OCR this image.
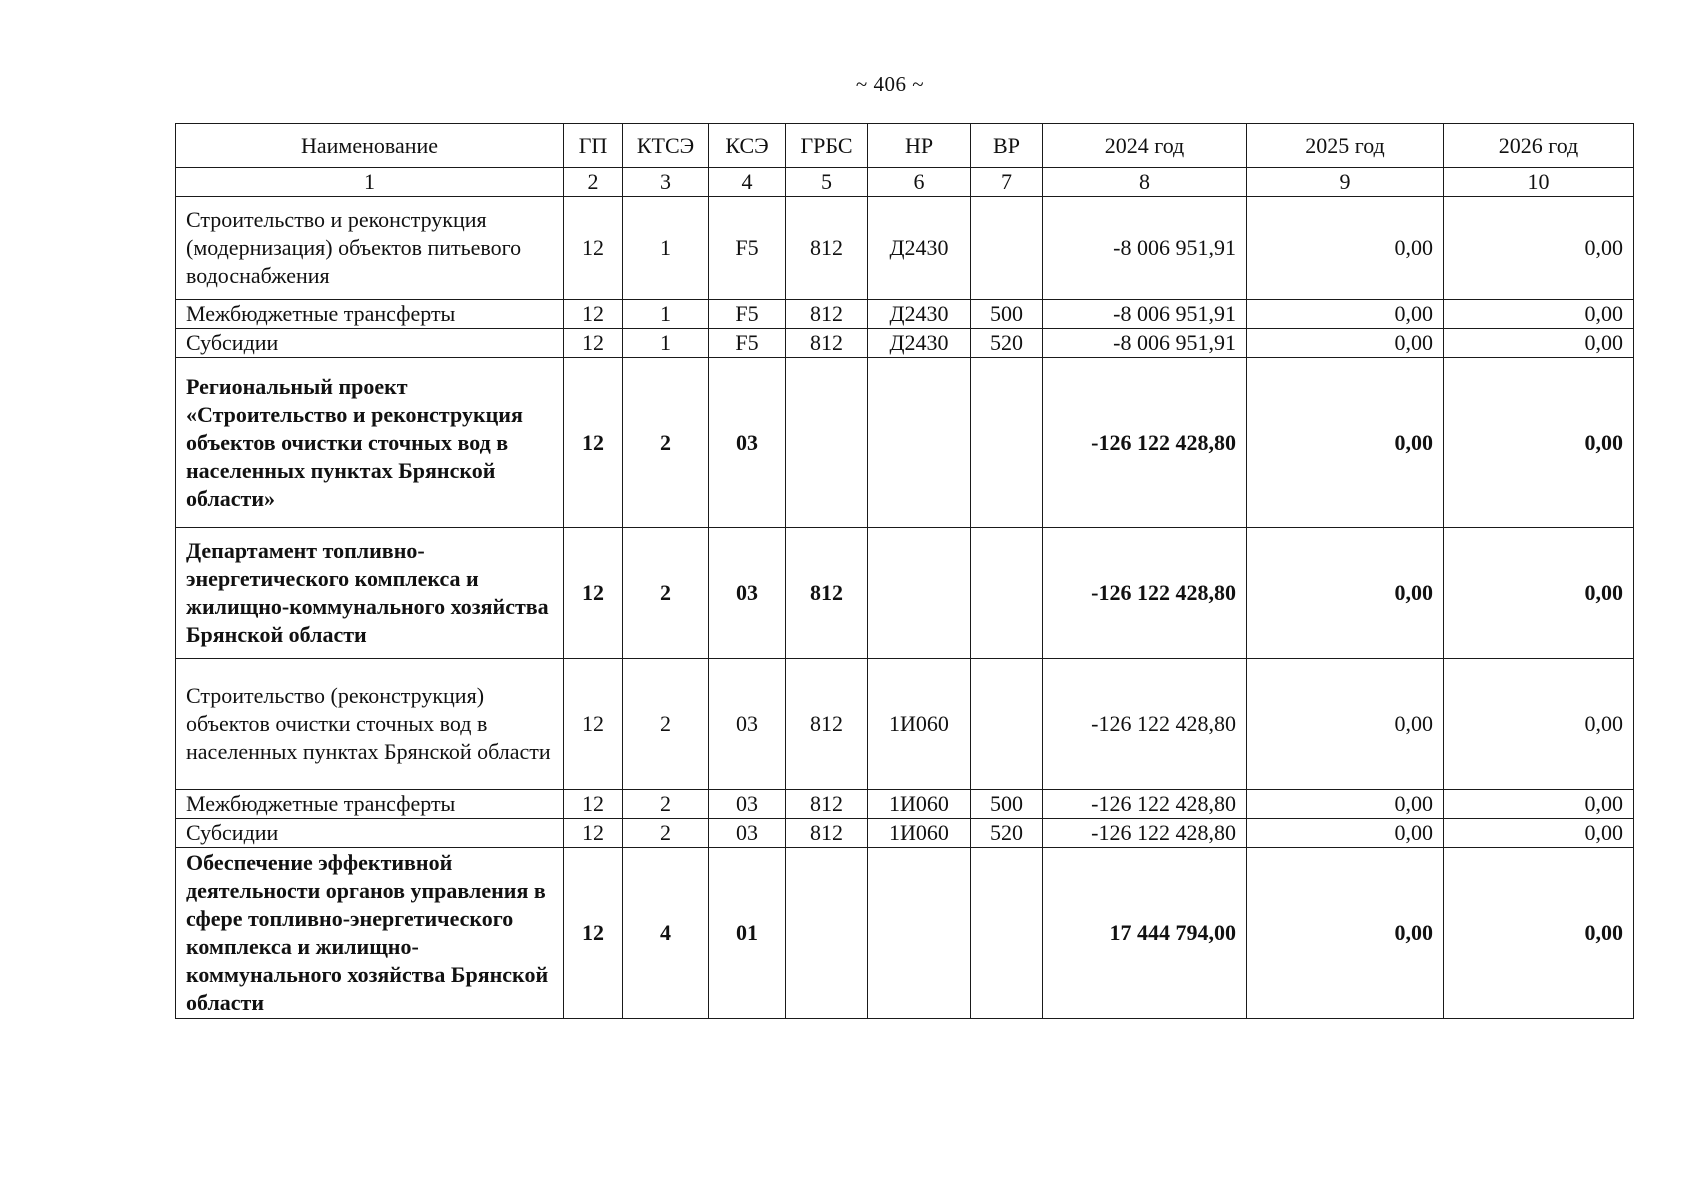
~ 406 ~
Наименование	ГП	КТСЭ	КСЭ	ГРБС	НР	ВР	2024 год	2025 год	2026 год
1	2	3	4	5	6	7	8	9	10
Строительство и реконструкция (модернизация) объектов питьевого водоснабжения	12	1	F5	812	Д2430		-8 006 951,91	0,00	0,00
Межбюджетные трансферты	12	1	F5	812	Д2430	500	-8 006 951,91	0,00	0,00
Субсидии	12	1	F5	812	Д2430	520	-8 006 951,91	0,00	0,00
Региональный проект «Строительство и реконструкция объектов очистки сточных вод в населенных пунктах Брянской области»	12	2	03				-126 122 428,80	0,00	0,00
Департамент топливно-энергетического комплекса и жилищно-коммунального хозяйства Брянской области	12	2	03	812			-126 122 428,80	0,00	0,00
Строительство (реконструкция) объектов очистки сточных вод в населенных пунктах Брянской области	12	2	03	812	1И060		-126 122 428,80	0,00	0,00
Межбюджетные трансферты	12	2	03	812	1И060	500	-126 122 428,80	0,00	0,00
Субсидии	12	2	03	812	1И060	520	-126 122 428,80	0,00	0,00
Обеспечение эффективной деятельности органов управления в сфере топливно-энергетического комплекса и жилищно-коммунального хозяйства Брянской области	12	4	01				17 444 794,00	0,00	0,00
